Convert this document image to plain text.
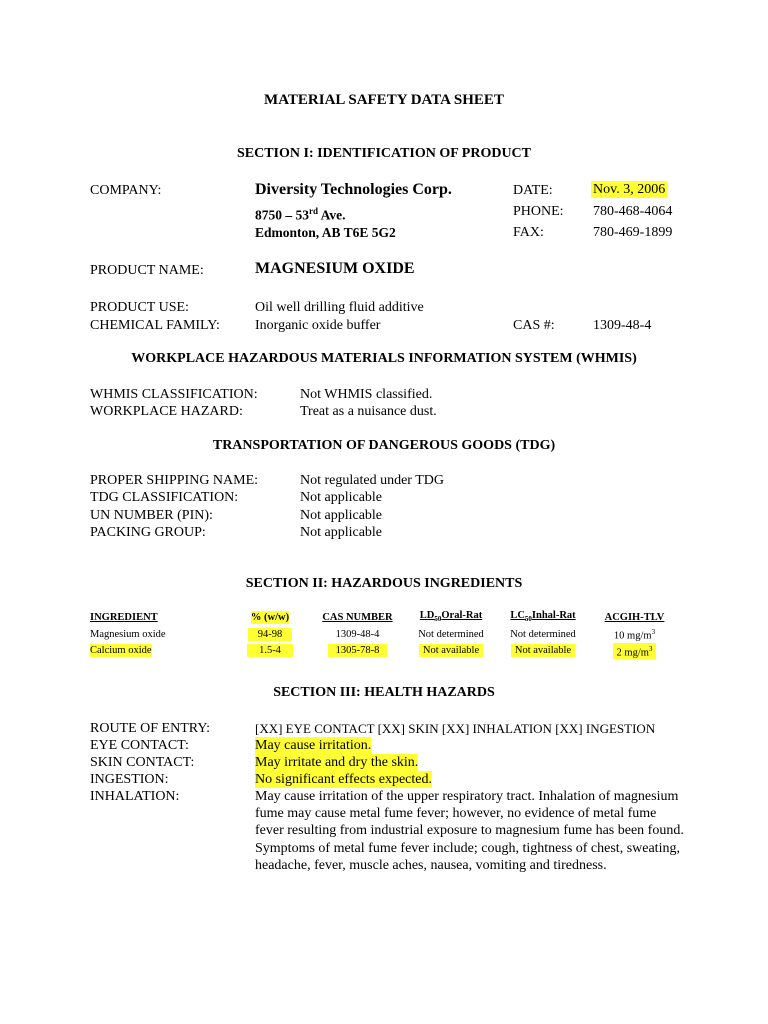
MATERIAL SAFETY DATA SHEET
SECTION I: IDENTIFICATION OF PRODUCT
COMPANY:	Diversity Technologies Corp.
8750 – 53rd Ave.
Edmonton, AB T6E 5G2
DATE:	Nov. 3, 2006
PHONE: 780-468-4064
FAX:	780-469-1899
PRODUCT NAME:	MAGNESIUM OXIDE
PRODUCT USE:	Oil well drilling fluid additive
CHEMICAL FAMILY:	Inorganic oxide buffer	CAS #:	1309-48-4
WORKPLACE HAZARDOUS MATERIALS INFORMATION SYSTEM (WHMIS)
WHMIS CLASSIFICATION:	Not WHMIS classified.
WORKPLACE HAZARD:	Treat as a nuisance dust.
TRANSPORTATION OF DANGEROUS GOODS (TDG)
PROPER SHIPPING NAME:	Not regulated under TDG
TDG CLASSIFICATION:	Not applicable
UN NUMBER (PIN):	Not applicable
PACKING GROUP:	Not applicable
SECTION II: HAZARDOUS INGREDIENTS
INGREDIENT	% (w/w)	CAS NUMBER	$LD_{50}Oral$-Rat	$LC_{50}Inhal$-Rat	ACGIH-TLV
Magnesium oxide	94-98	1309-48-4	Not determined	Not determined	10 $mg/m^3$
Calcium oxide	1.5-4	1305-78-8	Not available	Not available	2 $mg/m^3$
SECTION III: HEALTH HAZARDS
ROUTE OF ENTRY:	[XX] EYE CONTACT [XX] SKIN [XX] INHALATION [XX] INGESTION
EYE CONTACT:	May cause irritation.
SKIN CONTACT:	May irritate and dry the skin.
INGESTION:	No significant effects expected.
INHALATION:	May cause irritation of the upper respiratory tract. Inhalation of magnesium fume may cause metal fume fever; however, no evidence of metal fume fever resulting from industrial exposure to magnesium fume has been found. Symptoms of metal fume fever include; cough, tightness of chest, sweating, headache, fever, muscle aches, nausea, vomiting and tiredness.
